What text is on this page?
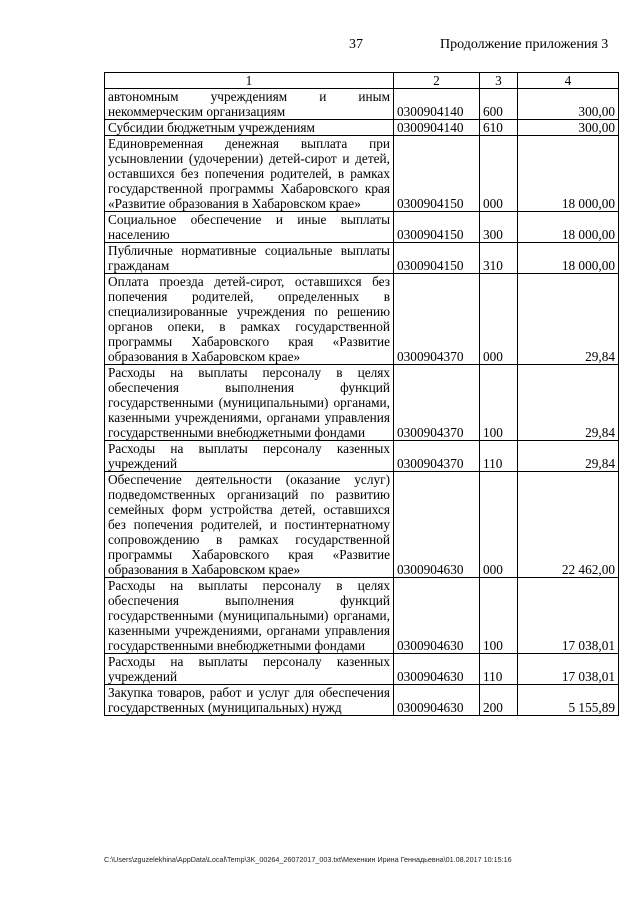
37	Продолжение приложения 3
1	2	3	4
автономным учреждениям и иным некоммерческим организациям	0300904140	600	300,00
Субсидии бюджетным учреждениям	0300904140	610	300,00
Единовременная денежная выплата при усыновлении (удочерении) детей-сирот и детей, оставшихся без попечения родителей, в рамках государственной программы Хабаровского края «Развитие образования в Хабаровском крае»	0300904150	000	18 000,00
Социальное обеспечение и иные выплаты населению	0300904150	300	18 000,00
Публичные нормативные социальные выплаты гражданам	0300904150	310	18 000,00
Оплата проезда детей-сирот, оставшихся без попечения родителей, определенных в специализированные учреждения по решению органов опеки, в рамках государственной программы Хабаровского края «Развитие образования в Хабаровском крае»	0300904370	000	29,84
Расходы на выплаты персоналу в целях обеспечения выполнения функций государственными (муниципальными) органами, казенными учреждениями, органами управления государственными внебюджетными фондами	0300904370	100	29,84
Расходы на выплаты персоналу казенных учреждений	0300904370	110	29,84
Обеспечение деятельности (оказание услуг) подведомственных организаций по развитию семейных форм устройства детей, оставшихся без попечения родителей, и постинтернатному сопровождению в рамках государственной программы Хабаровского края «Развитие образования в Хабаровском крае»	0300904630	000	22 462,00
Расходы на выплаты персоналу в целях обеспечения выполнения функций государственными (муниципальными) органами, казенными учреждениями, органами управления государственными внебюджетными фондами	0300904630	100	17 038,01
Расходы на выплаты персоналу казенных учреждений	0300904630	110	17 038,01
Закупка товаров, работ и услуг для обеспечения государственных (муниципальных) нужд	0300904630	200	5 155,89
C:\Users\zguzelekhina\AppData\Local\Temp\3K_00264_26072017_003.txt\Мехенкин Ирина Геннадьевна\01.08.2017 10:15:16
